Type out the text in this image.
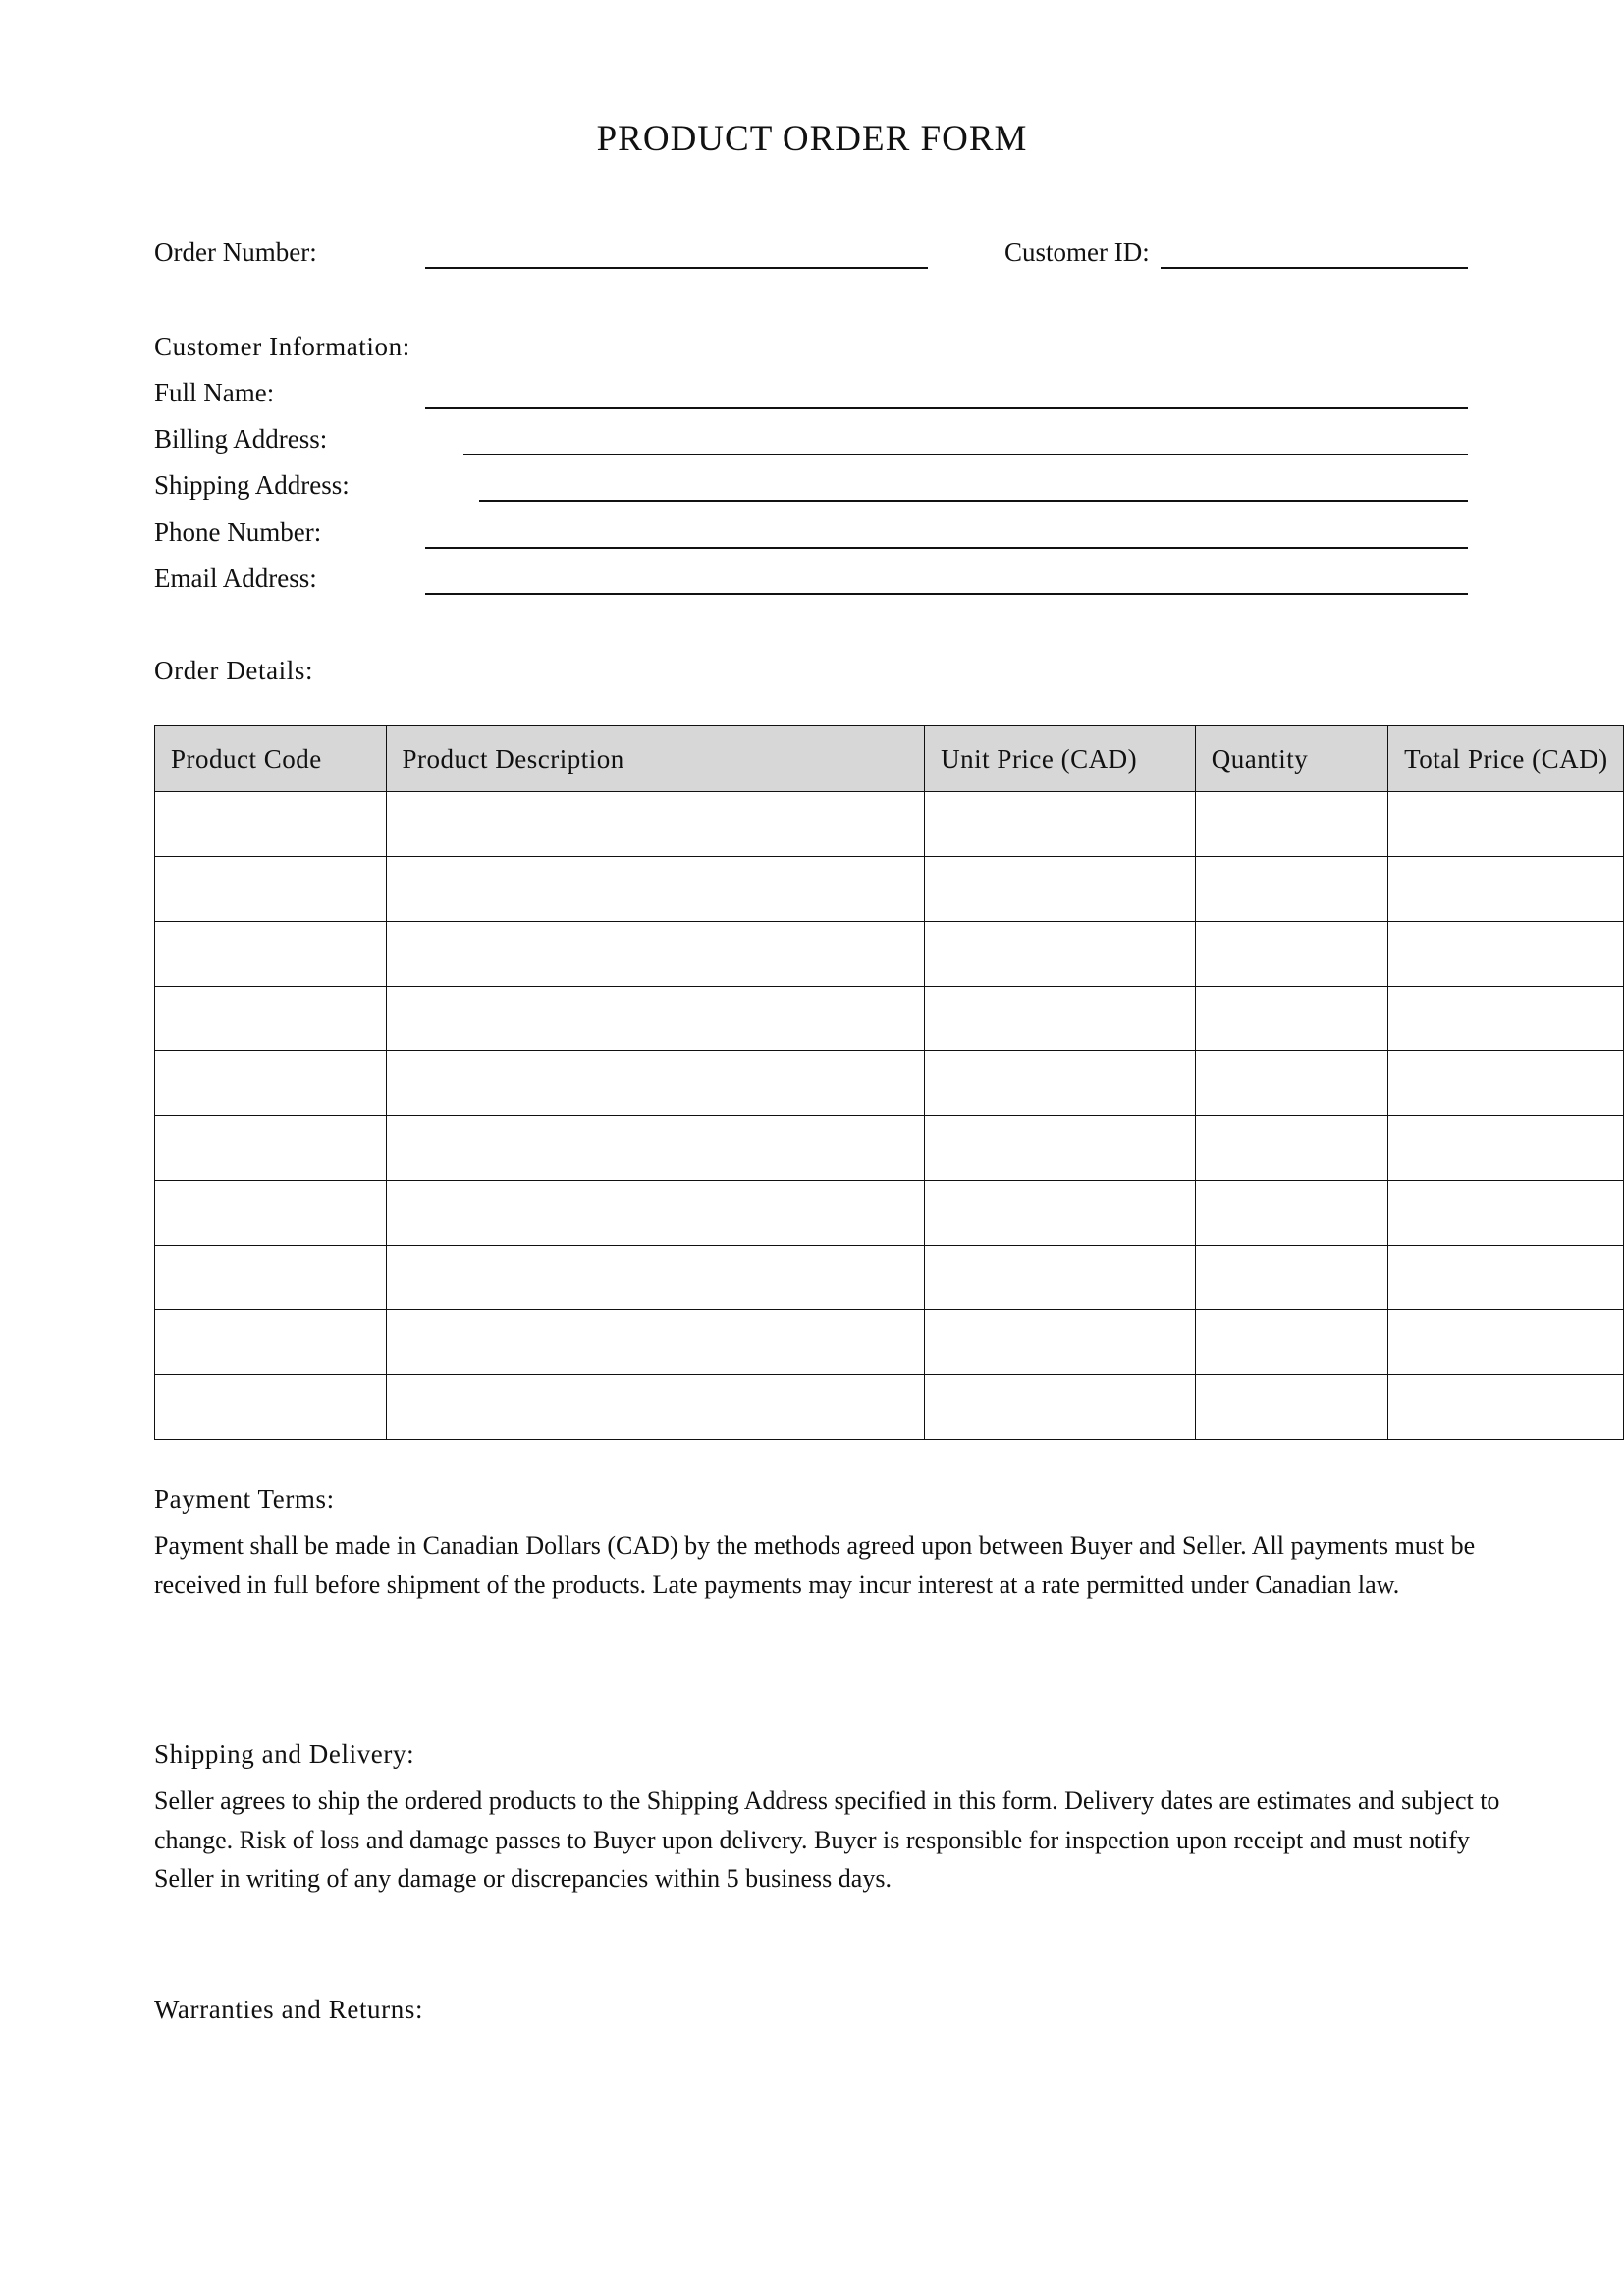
PRODUCT ORDER FORM
Order Number:	Customer ID:
Customer Information:
Full Name:
Billing Address:
Shipping Address:
Phone Number:
Email Address:
Order Details:
Product Code	Product Description	Unit Price (CAD)	Quantity	Total Price (CAD)

Payment Terms:
Payment shall be made in Canadian Dollars (CAD) by the methods agreed upon between Buyer and Seller. All payments must be received in full before shipment of the products. Late payments may incur interest at a rate permitted under Canadian law.
Shipping and Delivery:
Seller agrees to ship the ordered products to the Shipping Address specified in this form. Delivery dates are estimates and subject to change. Risk of loss and damage passes to Buyer upon delivery. Buyer is responsible for inspection upon receipt and must notify Seller in writing of any damage or discrepancies within 5 business days.
Warranties and Returns:
